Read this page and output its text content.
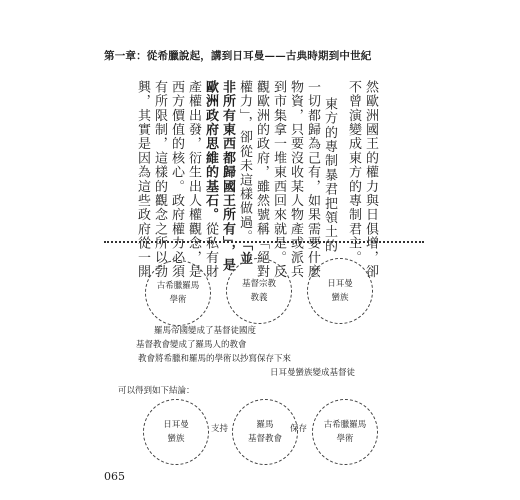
第一章：從希臘說起，講到日耳曼——古典時期到中世紀
然歐洲國王的權力與日俱增，卻
不曾演變成東方的專制君主。
東方的專制暴君把領土的
一切都歸為己有，如果需要什麼
物資，只要沒收某人物產或派兵
到市集拿一堆東西回來就是。反
觀歐洲的政府，雖然號稱「絕對
權力」，卻從未這樣做過。「並
非所有東西都歸國王所有」，是
歐洲政府思維的基石。從私有財
產權出發，衍生出人權觀念，是
西方價值的核心。政府權力必須
有所限制，這樣的觀念之所以勃
興，其實是因為這些政府從一開
古希臘羅馬
學術
基督宗教
教義
日耳曼
蠻族
羅馬帝國變成了基督徒國度
基督教會變成了羅馬人的教會
教會將希臘和羅馬的學術以抄寫保存下來
日耳曼蠻族變成基督徒
可以得到如下結論：
日耳曼
蠻族
支持	羅馬
基督教會
保存	古希臘羅馬
學術
065
